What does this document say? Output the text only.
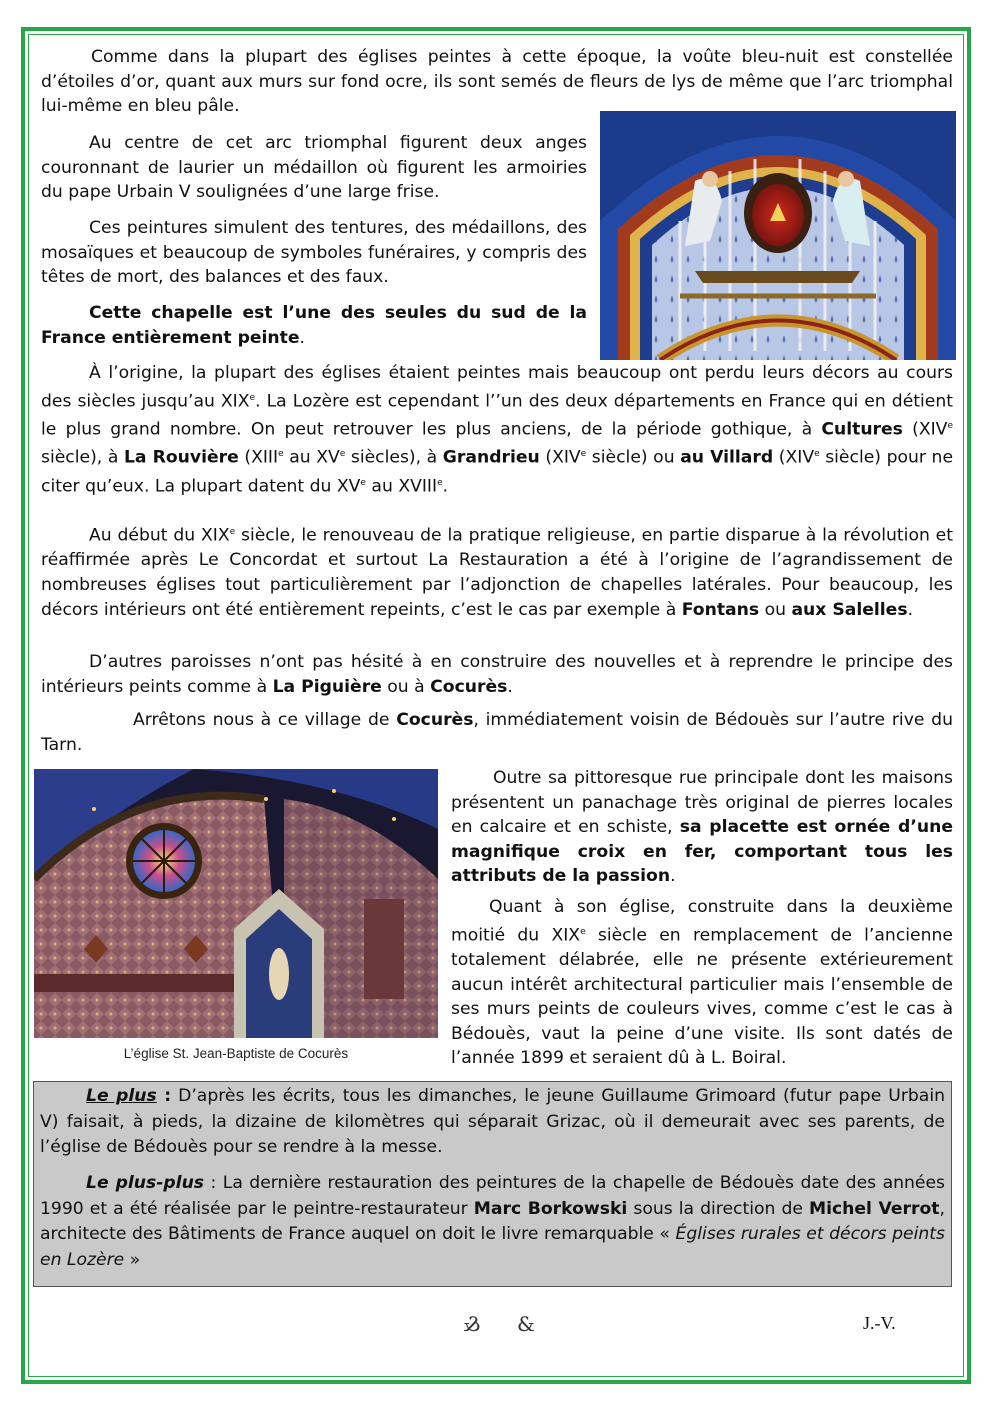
Comme dans la plupart des églises peintes à cette époque, la voûte bleu-nuit est constellée d’étoiles d’or, quant aux murs sur fond ocre, ils sont semés de fleurs de lys de même que l’arc triomphal lui-même en bleu pâle.

Au centre de cet arc triomphal figurent deux anges couronnant de laurier un médaillon où figurent les armoiries du pape Urbain V soulignées d’une large frise.

Ces peintures simulent des tentures, des médaillons, des mosaïques et beaucoup de symboles funéraires, y compris des têtes de mort, des balances et des faux.

Cette chapelle est l’une des seules du sud de la France entièrement peinte.

À l’origine, la plupart des églises étaient peintes mais beaucoup ont perdu leurs décors au cours des siècles jusqu’au XIXe. La Lozère est cependant l’’un des deux départements en France qui en détient le plus grand nombre. On peut retrouver les plus anciens, de la période gothique, à Cultures (XIVe siècle), à La Rouvière (XIIIe au XVe siècles), à Grandrieu (XIVe siècle) ou au Villard (XIVe siècle) pour ne citer qu’eux. La plupart datent du XVe au XVIIIe.

Au début du XIXe siècle, le renouveau de la pratique religieuse, en partie disparue à la révolution et réaffirmée après Le Concordat et surtout La Restauration a été à l’origine de l’agrandissement de nombreuses églises tout particulièrement par l’adjonction de chapelles latérales. Pour beaucoup, les décors intérieurs ont été entièrement repeints, c’est le cas par exemple à Fontans ou aux Salelles.

D’autres paroisses n’ont pas hésité à en construire des nouvelles et à reprendre le principe des intérieurs peints comme à La Piguière ou à Cocurès.

Arrêtons nous à ce village de Cocurès, immédiatement voisin de Bédouès sur l’autre rive du Tarn.

L’église St. Jean-Baptiste de Cocurès

Outre sa pittoresque rue principale dont les maisons présentent un panachage très original de pierres locales en calcaire et en schiste, sa placette est ornée d’une magnifique croix en fer, comportant tous les attributs de la passion.

Quant à son église, construite dans la deuxième moitié du XIXe siècle en remplacement de l’ancienne totalement délabrée, elle ne présente extérieurement aucun intérêt architectural particulier mais l’ensemble de ses murs peints de couleurs vives, comme c’est le cas à Bédouès, vaut la peine d’une visite. Ils sont datés de l’année 1899 et seraient dû à L. Boiral.

Le plus : D’après les écrits, tous les dimanches, le jeune Guillaume Grimoard (futur pape Urbain V) faisait, à pieds, la dizaine de kilomètres qui séparait Grizac, où il demeurait avec ses parents, de l’église de Bédouès pour se rendre à la messe.

Le plus-plus : La dernière restauration des peintures de la chapelle de Bédouès date des années 1990 et a été réalisée par le peintre-restaurateur Marc Borkowski sous la direction de Michel Verrot, architecte des Bâtiments de France auquel on doit le livre remarquable « Églises rurales et décors peints en Lozère »

& &	J.-V.
